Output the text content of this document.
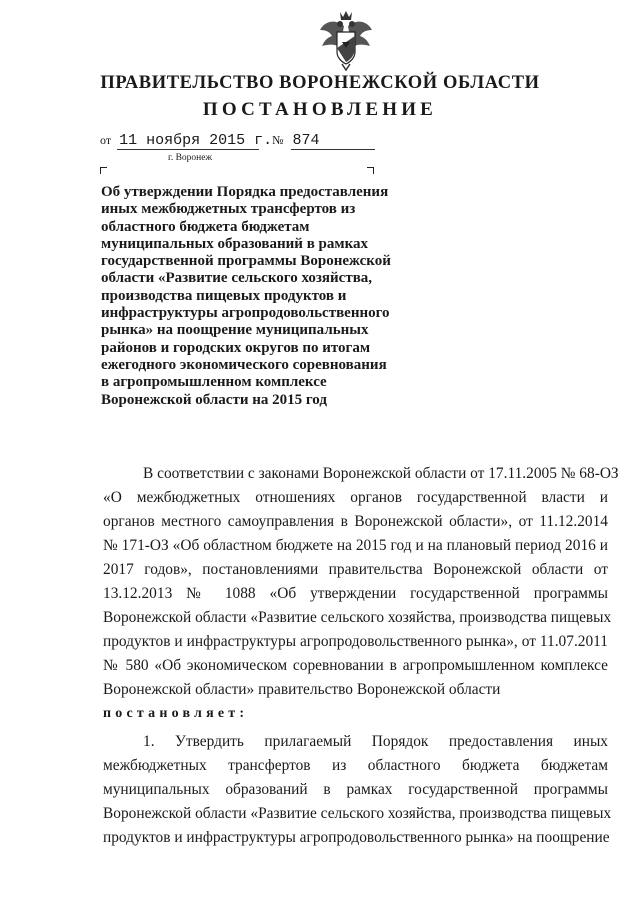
ПРАВИТЕЛЬСТВО ВОРОНЕЖСКОЙ ОБЛАСТИ
ПОСТАНОВЛЕНИЕ
от 11 ноября 2015 г. № 874
г. Воронеж
Об утверждении Порядка предоставления
иных межбюджетных трансфертов из
областного бюджета бюджетам
муниципальных образований в рамках
государственной программы Воронежской
области «Развитие сельского хозяйства,
производства пищевых продуктов и
инфраструктуры агропродовольственного
рынка» на поощрение муниципальных
районов и городских округов по итогам
ежегодного экономического соревнования
в агропромышленном комплексе
Воронежской области на 2015 год
В соответствии с законами Воронежской области от 17.11.2005 № 68-ОЗ
«О межбюджетных отношениях органов государственной власти и
органов местного самоуправления в Воронежской области», от 11.12.2014
№ 171-ОЗ «Об областном бюджете на 2015 год и на плановый период 2016 и
2017 годов», постановлениями правительства Воронежской области от
13.12.2013 № 1088 «Об утверждении государственной программы
Воронежской области «Развитие сельского хозяйства, производства пищевых
продуктов и инфраструктуры агропродовольственного рынка», от 11.07.2011
№ 580 «Об экономическом соревновании в агропромышленном комплексе
Воронежской области» правительство Воронежской области
постановляет:
1. Утвердить прилагаемый Порядок предоставления иных
межбюджетных трансфертов из областного бюджета бюджетам
муниципальных образований в рамках государственной программы
Воронежской области «Развитие сельского хозяйства, производства пищевых
продуктов и инфраструктуры агропродовольственного рынка» на поощрение
